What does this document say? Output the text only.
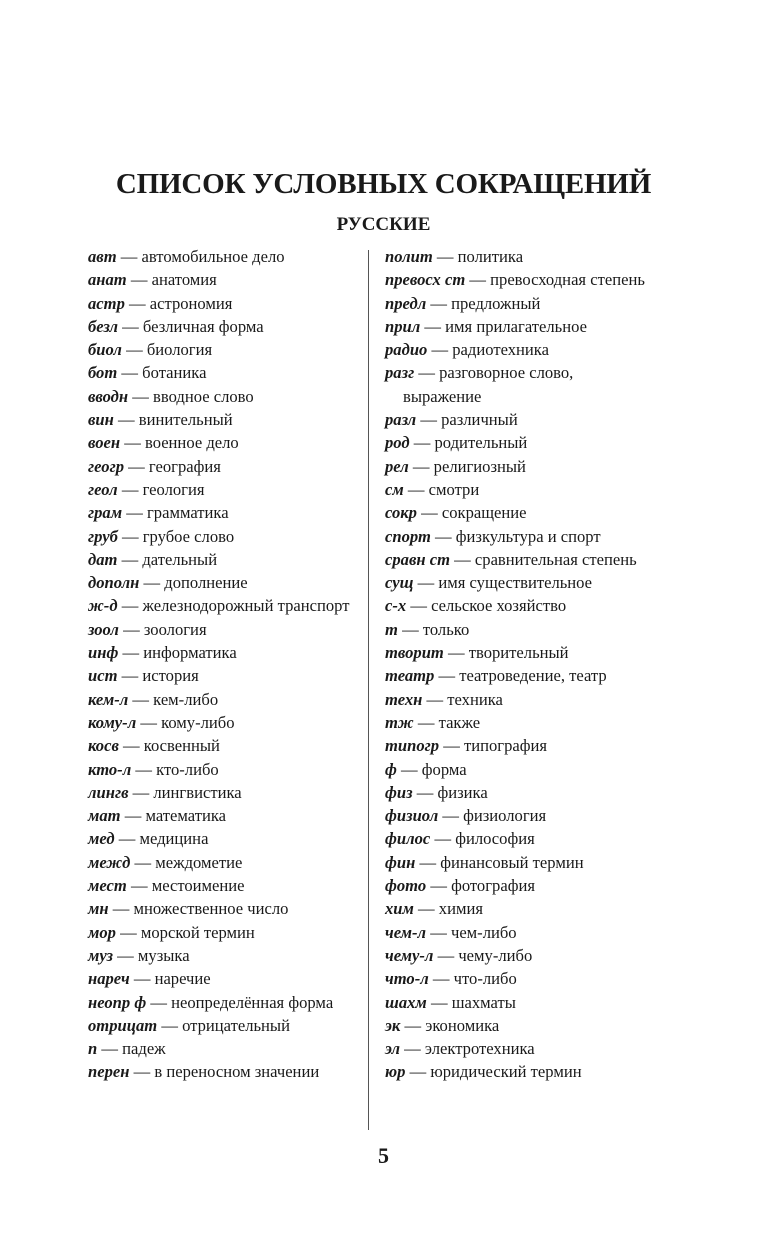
СПИСОК УСЛОВНЫХ СОКРАЩЕНИЙ
РУССКИЕ

авт — автомобильное дело

анат — анатомия

астр — астрономия

безл — безличная форма

биол — биология

бот — ботаника

вводн — вводное слово

вин — винительный

воен — военное дело

геогр — география

геол — геология

грам — грамматика

груб — грубое слово

дат — дательный

дополн — дополнение

ж-д — железнодорожный транспорт

зоол — зоология

инф — информатика

ист — история

кем-л — кем-либо

кому-л — кому-либо

косв — косвенный

кто-л — кто-либо

лингв — лингвистика

мат — математика

мед — медицина

межд — междометие

мест — местоимение

мн — множественное число

мор — морской термин

муз — музыка

нареч — наречие

неопр ф — неопределённая форма

отрицат — отрицательный

п — падеж

перен — в переносном значении

полит — политика

превосх ст — превосходная степень

предл — предложный

прил — имя прилагательное

радио — радиотехника

разг — разговорное слово, выражение

разл — различный

род — родительный

рел — религиозный

см — смотри

сокр — сокращение

спорт — физкультура и спорт

сравн ст — сравнительная степень

сущ — имя существительное

с-х — сельское хозяйство

т — только

творит — творительный

театр — театроведение, театр

техн — техника

тж — также

типогр — типография

ф — форма

физ — физика

физиол — физиология

филос — философия

фин — финансовый термин

фото — фотография

хим — химия

чем-л — чем-либо

чему-л — чему-либо

что-л — что-либо

шахм — шахматы

эк — экономика

эл — электротехника

юр — юридический термин

5
